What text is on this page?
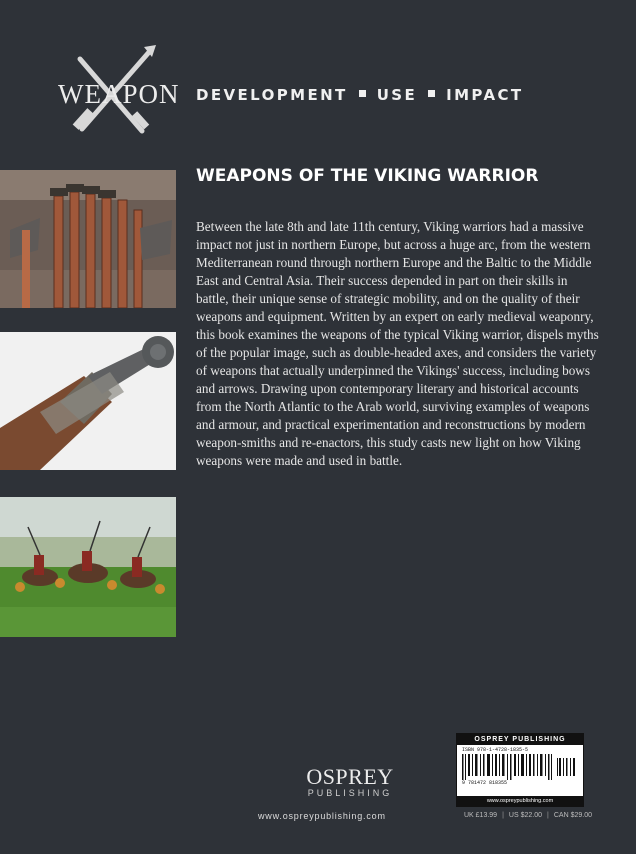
WEAPON DEVELOPMENT USE IMPACT
WEAPONS OF THE VIKING WARRIOR

Between the late 8th and late 11th century, Viking warriors had a massive impact not just in northern Europe, but across a huge arc, from the western Mediterranean round through northern Europe and the Baltic to the Middle East and Central Asia. Their success depended in part on their skills in battle, their unique sense of strategic mobility, and on the quality of their weapons and equipment. Written by an expert on early medieval weaponry, this book examines the weapons of the typical Viking warrior, dispels myths of the popular image, such as double-headed axes, and considers the variety of weapons that actually underpinned the Vikings' success, including bows and arrows. Drawing upon contemporary literary and historical accounts from the North Atlantic to the Arab world, surviving examples of weapons and armour, and practical experimentation and reconstructions by modern weapon-smiths and re-enactors, this study casts new light on how Viking weapons were made and used in battle.

OSPREY
PUBLISHING
www.ospreypublishing.com
OSPREY PUBLISHING
ISBN 978-1-4728-1835-5
9 781472 818355
www.ospreypublishing.com
UK £13.99 | US $22.00 | CAN $29.00
